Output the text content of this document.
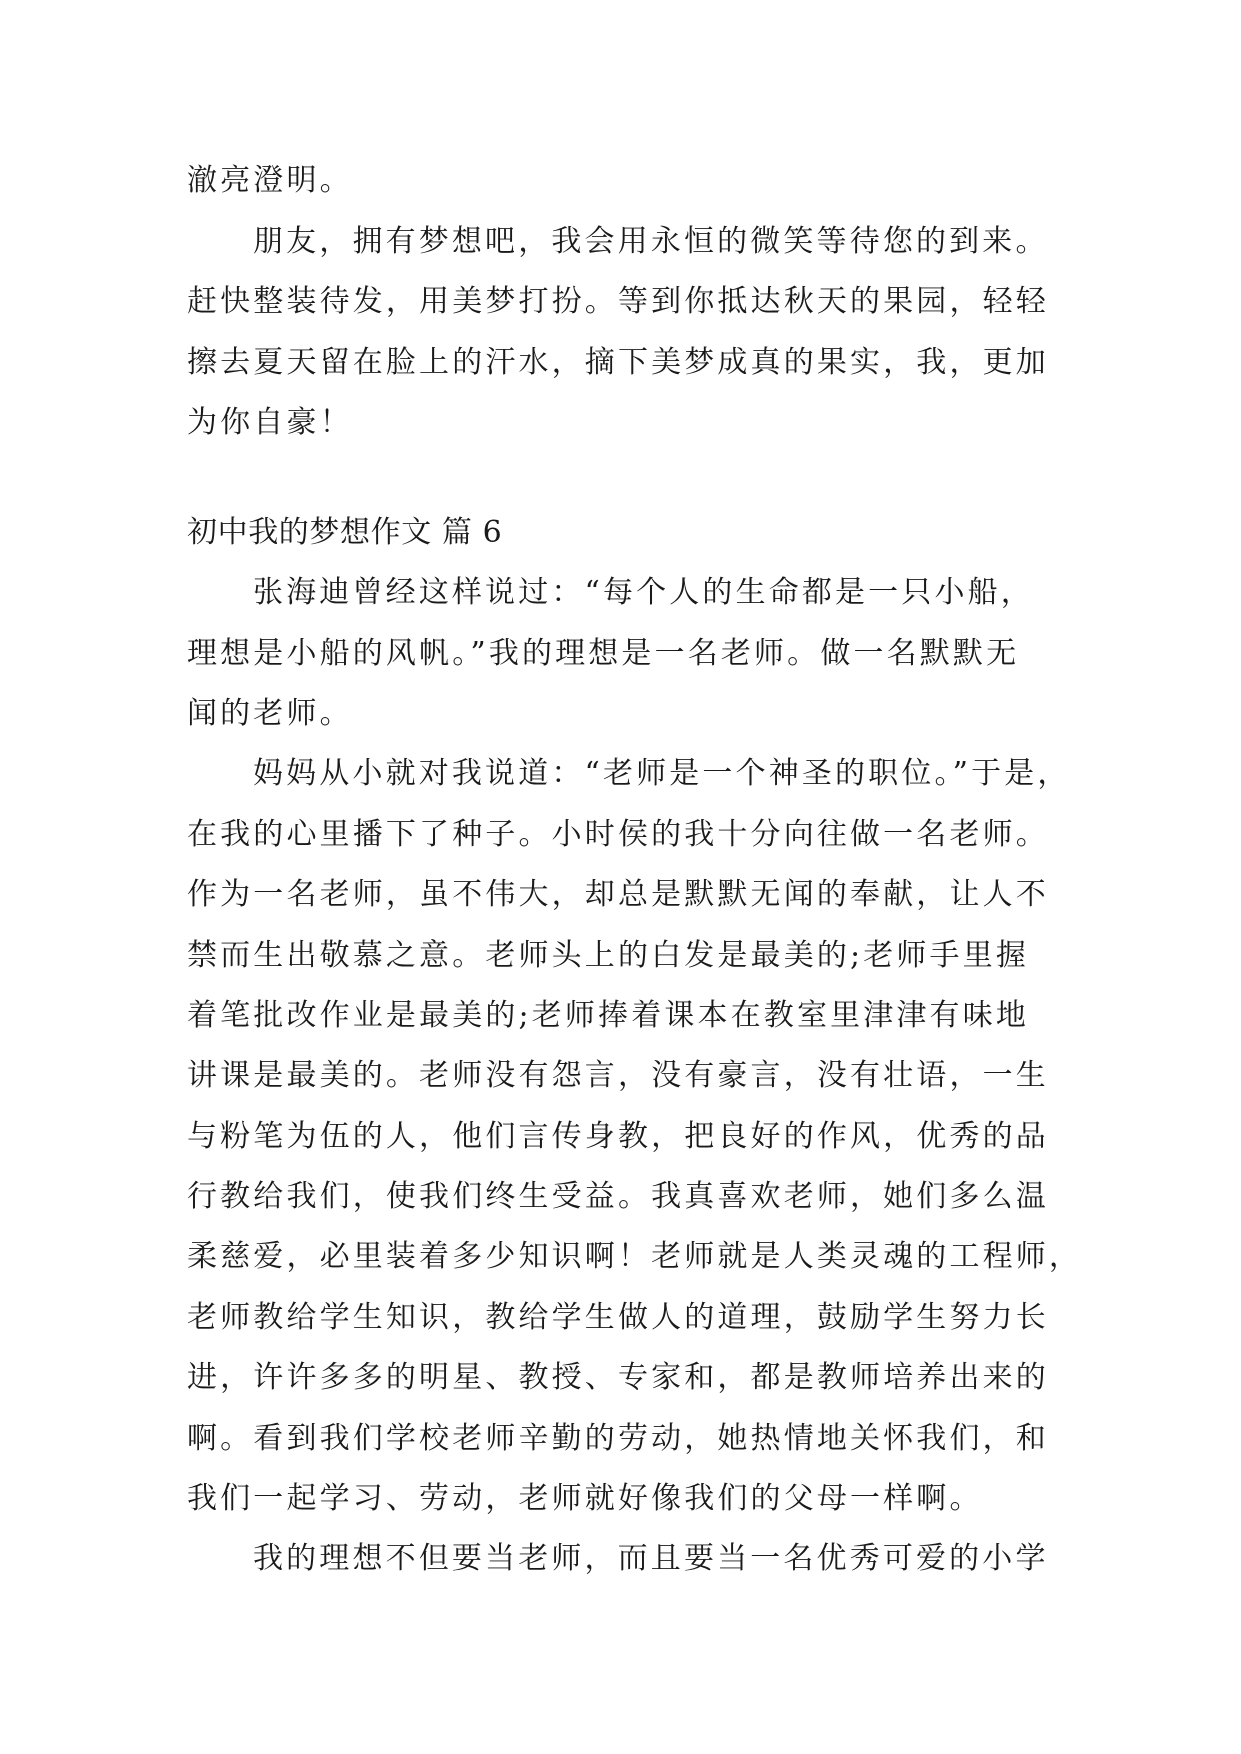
澈亮澄明。
朋友，拥有梦想吧，我会用永恒的微笑等待您的到来。
赶快整装待发，用美梦打扮。等到你抵达秋天的果园，轻轻
擦去夏天留在脸上的汗水，摘下美梦成真的果实，我，更加
为你自豪！
初中我的梦想作文 篇 6
张海迪曾经这样说过：“每个人的生命都是一只小船，
理想是小船的风帆。”我的理想是一名老师。做一名默默无
闻的老师。
妈妈从小就对我说道：“老师是一个神圣的职位。”于是，
在我的心里播下了种子。小时侯的我十分向往做一名老师。
作为一名老师，虽不伟大，却总是默默无闻的奉献，让人不
禁而生出敬慕之意。老师头上的白发是最美的;老师手里握
着笔批改作业是最美的;老师捧着课本在教室里津津有味地
讲课是最美的。老师没有怨言，没有豪言，没有壮语，一生
与粉笔为伍的人，他们言传身教，把良好的作风，优秀的品
行教给我们，使我们终生受益。我真喜欢老师，她们多么温
柔慈爱，必里装着多少知识啊！老师就是人类灵魂的工程师，
老师教给学生知识，教给学生做人的道理，鼓励学生努力长
进，许许多多的明星、教授、专家和，都是教师培养出来的
啊。看到我们学校老师辛勤的劳动，她热情地关怀我们，和
我们一起学习、劳动，老师就好像我们的父母一样啊。
我的理想不但要当老师，而且要当一名优秀可爱的小学
